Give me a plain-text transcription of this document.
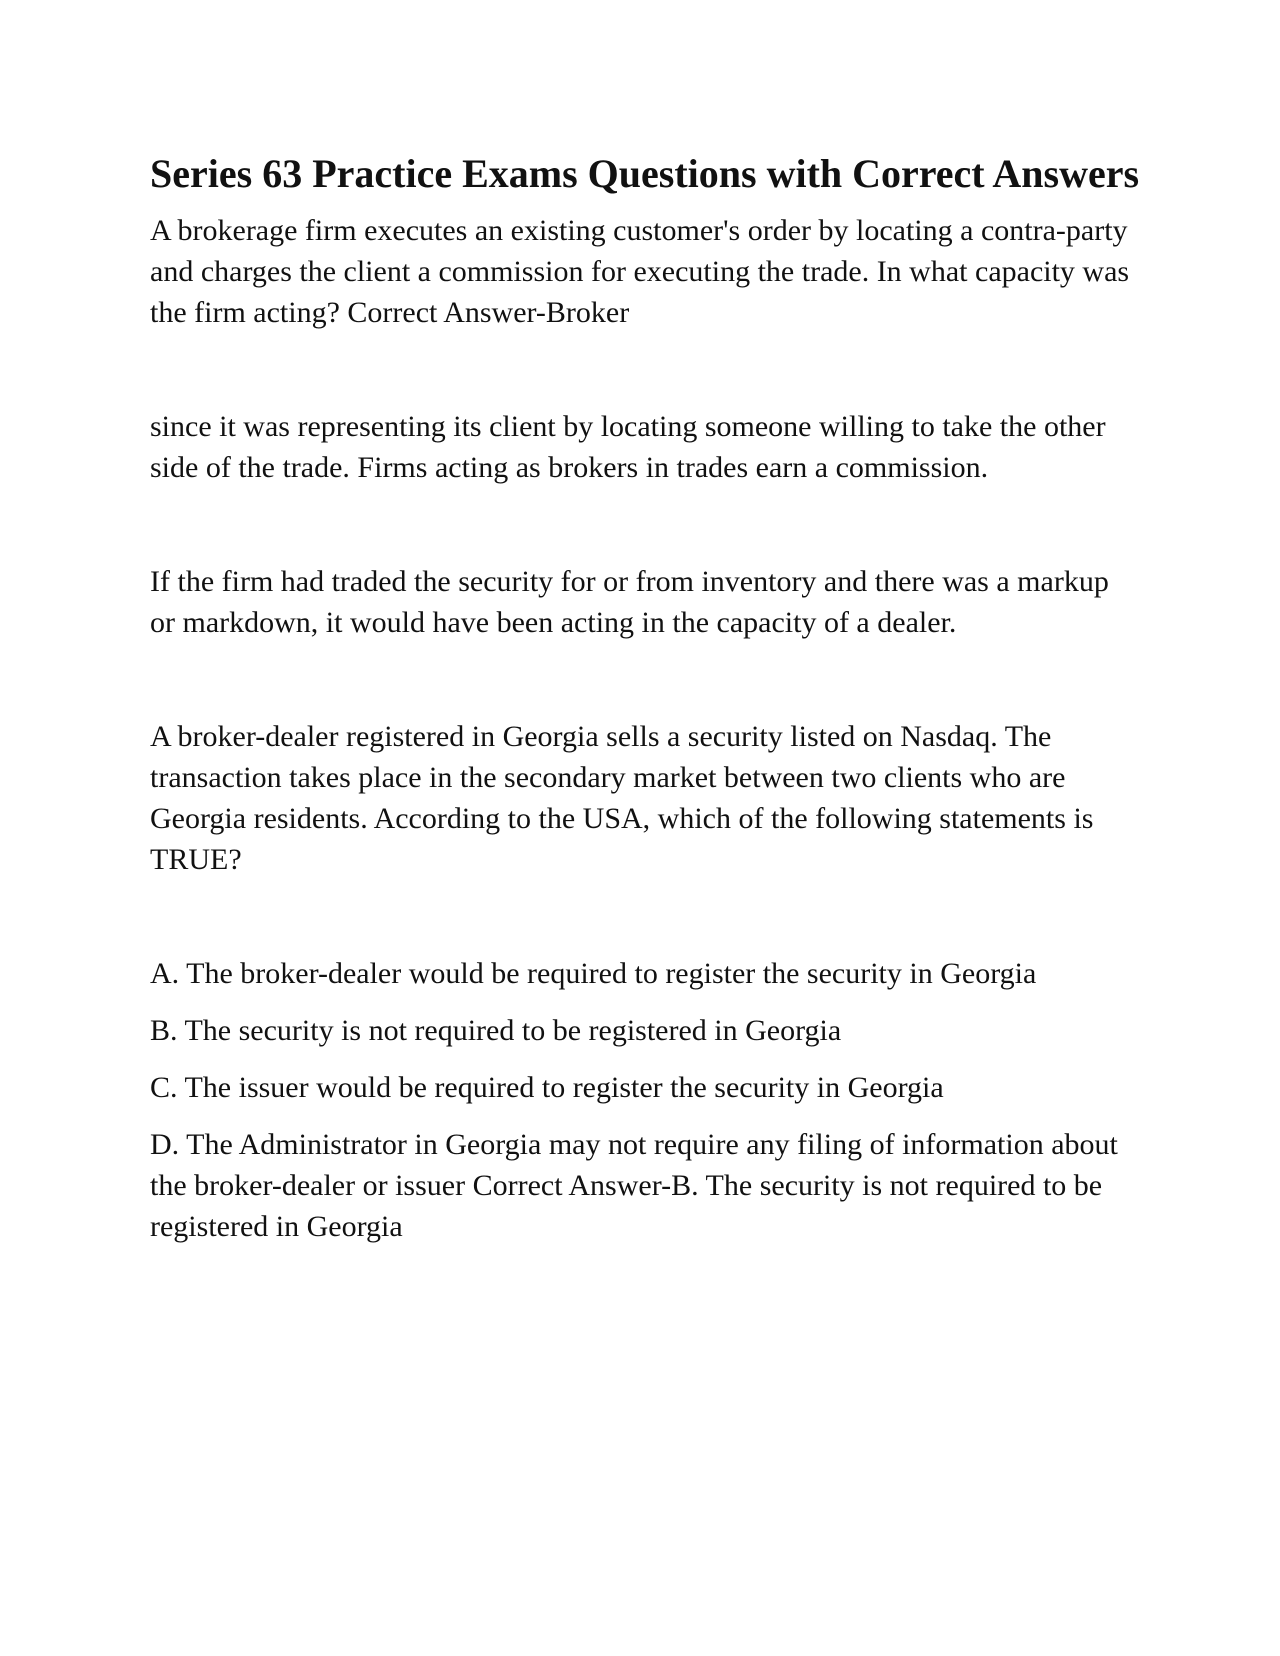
Series 63 Practice Exams Questions with Correct Answers

A brokerage firm executes an existing customer's order by locating a contra-party and charges the client a commission for executing the trade. In what capacity was the firm acting? Correct Answer-Broker

since it was representing its client by locating someone willing to take the other side of the trade. Firms acting as brokers in trades earn a commission.

If the firm had traded the security for or from inventory and there was a markup or markdown, it would have been acting in the capacity of a dealer.

A broker-dealer registered in Georgia sells a security listed on Nasdaq. The transaction takes place in the secondary market between two clients who are Georgia residents. According to the USA, which of the following statements is TRUE?

A. The broker-dealer would be required to register the security in Georgia

B. The security is not required to be registered in Georgia

C. The issuer would be required to register the security in Georgia

D. The Administrator in Georgia may not require any filing of information about the broker-dealer or issuer Correct Answer-B. The security is not required to be registered in Georgia
